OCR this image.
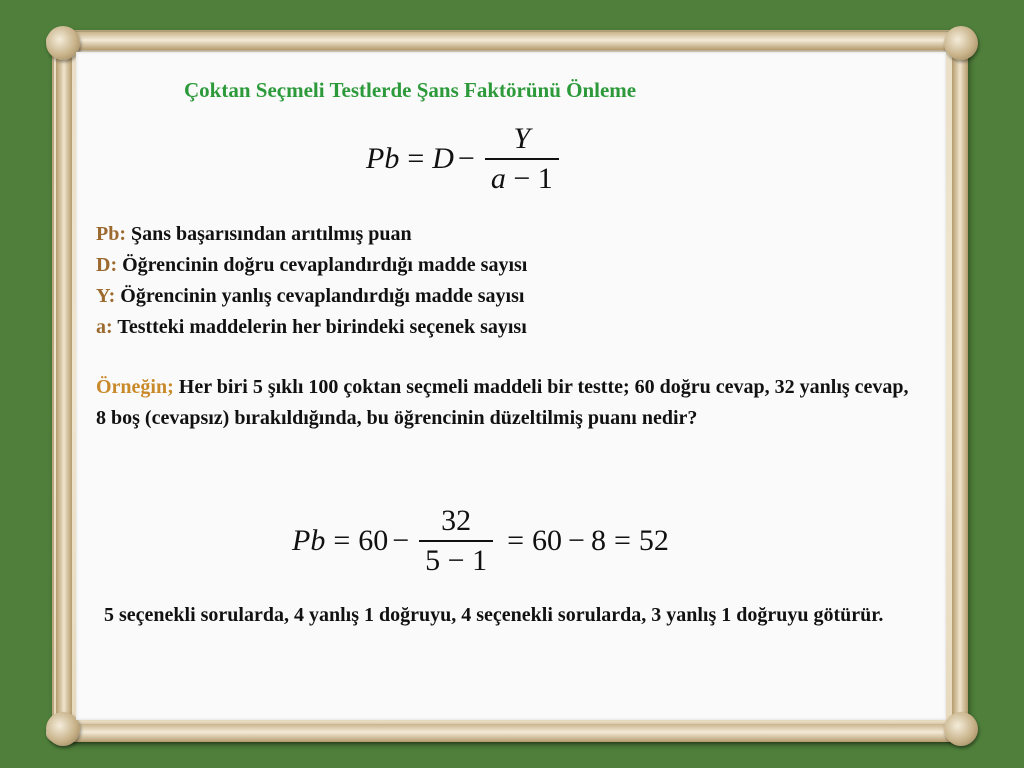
Çoktan Seçmeli Testlerde Şans Faktörünü Önleme
$Pb = D - \frac{Y}{a - 1}$
Pb: Şans başarısından arıtılmış puan
D: Öğrencinin doğru cevaplandırdığı madde sayısı
Y: Öğrencinin yanlış cevaplandırdığı madde sayısı
a: Testteki maddelerin her birindeki seçenek sayısı
Örneğin; Her biri 5 şıklı 100 çoktan seçmeli maddeli bir testte; 60 doğru cevap, 32 yanlış cevap, 8 boş (cevapsız) bırakıldığında, bu öğrencinin düzeltilmiş puanı nedir?
$Pb = 60 - \frac{32}{5 - 1} = 60 - 8 = 52$
5 seçenekli sorularda, 4 yanlış 1 doğruyu, 4 seçenekli sorularda, 3 yanlış 1 doğruyu götürür.
